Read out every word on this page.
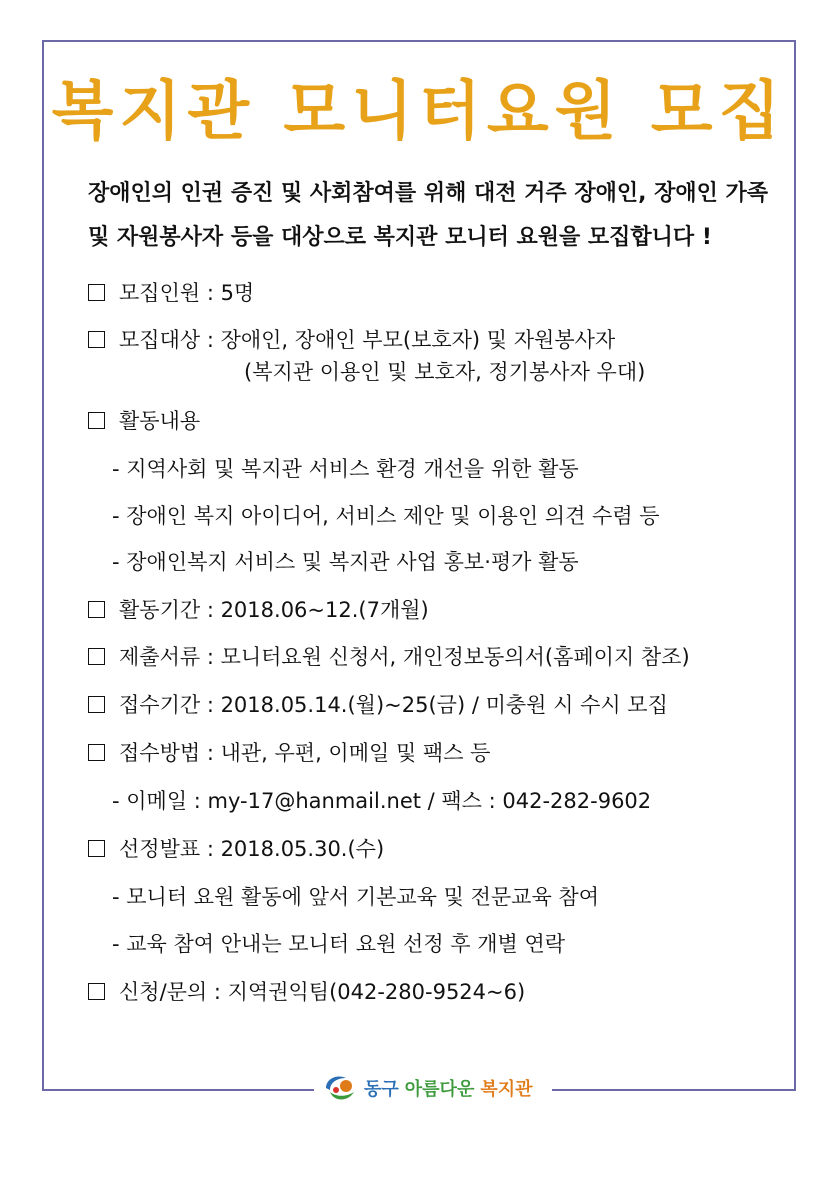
복지관 모니터요원 모집
장애인의 인권 증진 및 사회참여를 위해 대전 거주 장애인, 장애인 가족
및 자원봉사자 등을 대상으로 복지관 모니터 요원을 모집합니다 !
모집인원 : 5명
모집대상 : 장애인, 장애인 부모(보호자) 및 자원봉사자
(복지관 이용인 및 보호자, 정기봉사자 우대)
활동내용
- 지역사회 및 복지관 서비스 환경 개선을 위한 활동
- 장애인 복지 아이디어, 서비스 제안 및 이용인 의견 수렴 등
- 장애인복지 서비스 및 복지관 사업 홍보·평가 활동
활동기간 : 2018.06~12.(7개월)
제출서류 : 모니터요원 신청서, 개인정보동의서(홈페이지 참조)
접수기간 : 2018.05.14.(월)~25(금) / 미충원 시 수시 모집
접수방법 : 내관, 우편, 이메일 및 팩스 등
- 이메일 : my-17@hanmail.net / 팩스 : 042-282-9602
선정발표 : 2018.05.30.(수)
- 모니터 요원 활동에 앞서 기본교육 및 전문교육 참여
- 교육 참여 안내는 모니터 요원 선정 후 개별 연락
신청/문의 : 지역권익팀(042-280-9524~6)
동구 아름다운 복지관
